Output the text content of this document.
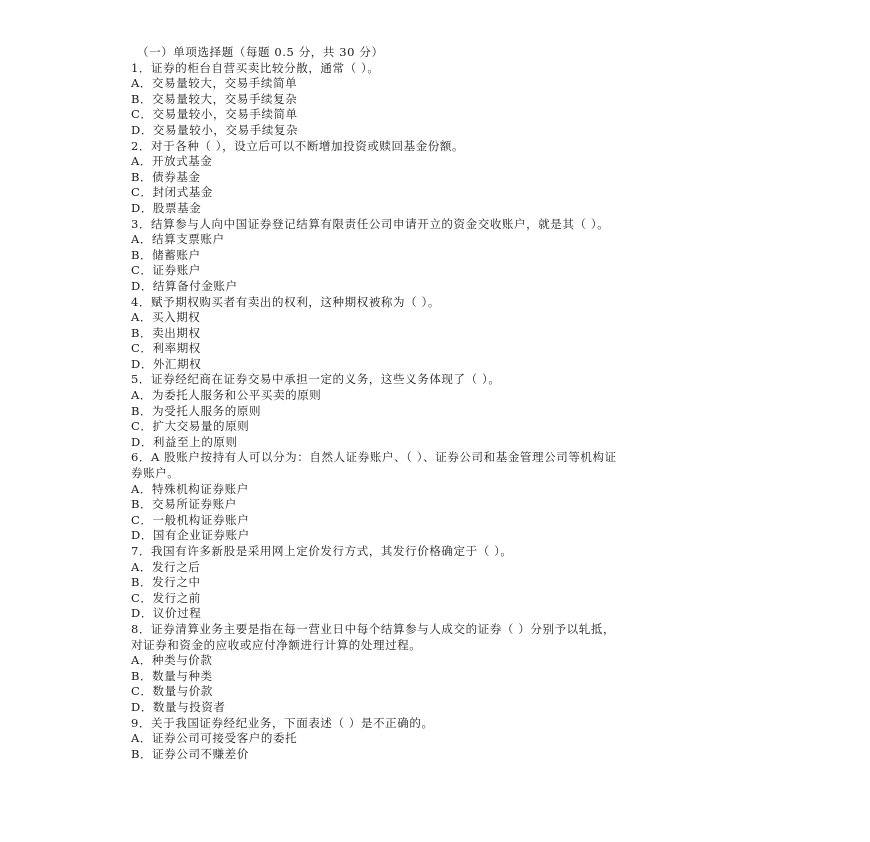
（一）单项选择题（每题 0.5 分，共 30 分）
1．证券的柜台自营买卖比较分散，通常（ ）。
A．交易量较大，交易手续简单
B．交易量较大，交易手续复杂
C．交易量较小，交易手续简单
D．交易量较小，交易手续复杂
2．对于各种（ ），设立后可以不断增加投资或赎回基金份额。
A．开放式基金
B．债券基金
C．封闭式基金
D．股票基金
3．结算参与人向中国证券登记结算有限责任公司申请开立的资金交收账户，就是其（ ）。
A．结算支票账户
B．储蓄账户
C．证券账户
D．结算备付金账户
4．赋予期权购买者有卖出的权利，这种期权被称为（ ）。
A．买入期权
B．卖出期权
C．利率期权
D．外汇期权
5．证券经纪商在证券交易中承担一定的义务，这些义务体现了（ ）。
A．为委托人服务和公平买卖的原则
B．为受托人服务的原则
C．扩大交易量的原则
D．利益至上的原则
6．A 股账户按持有人可以分为：自然人证券账户、（ ）、证券公司和基金管理公司等机构证
券账户。
A．特殊机构证券账户
B．交易所证券账户
C．一般机构证券账户
D．国有企业证券账户
7．我国有许多新股是采用网上定价发行方式，其发行价格确定于（ ）。
A．发行之后
B．发行之中
C．发行之前
D．议价过程
8．证券清算业务主要是指在每一营业日中每个结算参与人成交的证券（ ）分别予以轧抵，
对证券和资金的应收或应付净额进行计算的处理过程。
A．种类与价款
B．数量与种类
C．数量与价款
D．数量与投资者
9．关于我国证券经纪业务，下面表述（ ）是不正确的。
A．证券公司可接受客户的委托
B．证券公司不赚差价
